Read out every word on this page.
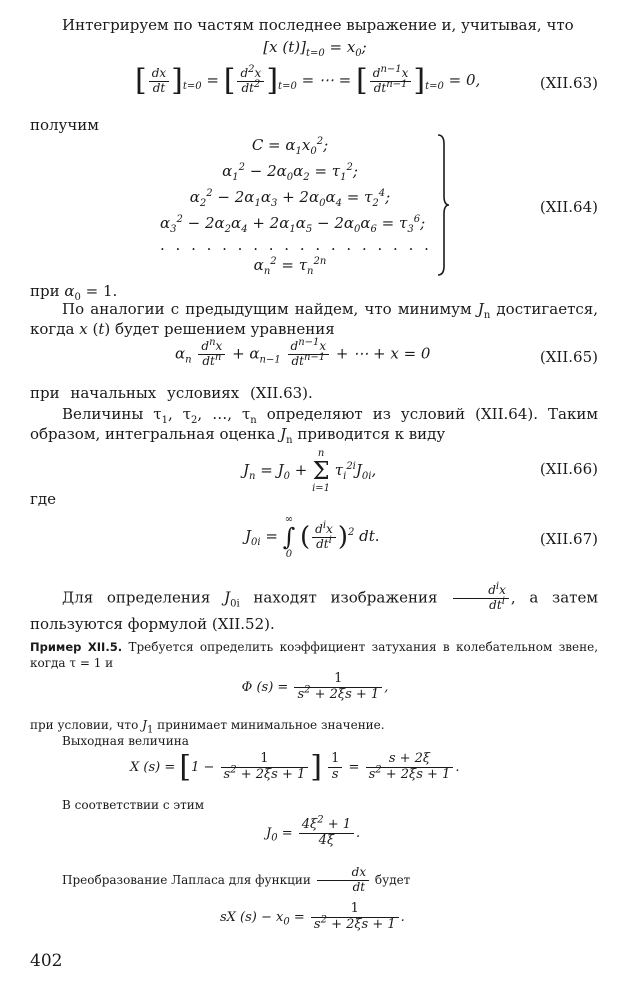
Интегрируем по частям последнее выражение и, учитывая, что

[x $(t)]_{t=0} = x_0$;
[ $\frac{dx}{dt} ]_{t=0}$ = [ $\frac{d^2x}{dt^2} ]_{t=0}$ = ⋯ = [ $\frac{d^{n-1}x}{dt^{n-1}} ]_{t=0} = 0$,	(XII.63)

получим

$C = \alpha_1x_0^2$;
$\alpha_1^2 - 2\alpha_0\alpha_2 = \tau_1^2$;
$\alpha_2^2 - 2\alpha_1\alpha_3 + 2\alpha_0\alpha_4 = \tau_2^4$;
$\alpha_3^2 - 2\alpha_2\alpha_4 + 2\alpha_1\alpha_5 - 2\alpha_0\alpha_6 = \tau_3^6$;
. . . . . . . . . . . . . . . . . .
$\alpha_n^2 = \tau_n^{2n}$
(XII.64)

при $\alpha_0 = 1$.

По аналогии с предыдущим найдем, что минимум $J_n$ достигается, когда x (t) будет решением уравнения

$\alpha_n \frac{d^nx}{dt^n} + \alpha_{n-1} \frac{d^{n-1}x}{dt^{n-1}}$ + ⋯ + x = 0	(XII.65)

при начальных условиях (XII.63).

Величины $\tau_1$, $\tau_2$, …, $\tau_n$ определяют из условий (XII.64). Таким образом, интегральная оценка $J_n$ приводится к виду

$J_n = J_0$ +
n
Σ
i=1
$\tau_i^{2i}J_{0i}$,	(XII.66)

где

$J_{0i}$ =
∞
∫
0
( $\frac{d^ix}{dt^i} )^2$ dt.	(XII.67)

Для определения $J_{0i}$ находят изображения $\frac{d^ix}{dt^i}$ , а затем пользуются формулой (XII.52).

Пример XII.5. Требуется определить коэффициент затухания в колебательном звене, когда τ = 1 и

Φ $(s) = \frac{1}{s^2 + 2\xi s + 1}$ ,

при условии, что $J_1$ принимает минимальное значение.

Выходная величина

X $(s) = [1 - \frac{1}{s^2 + 2\xi s + 1}$ ] $\frac{1}{s} = \frac{s + 2\xi}{s^2 + 2\xi s + 1}$ .

В соответствии с этим

$J_0 = \frac{4\xi^2 + 1}{4\xi}$ .

Преобразование Лапласа для функции $\frac{dx}{dt}$ будет

sX $(s) - x_0 = \frac{1}{s^2 + 2\xi s + 1}$ .
402
